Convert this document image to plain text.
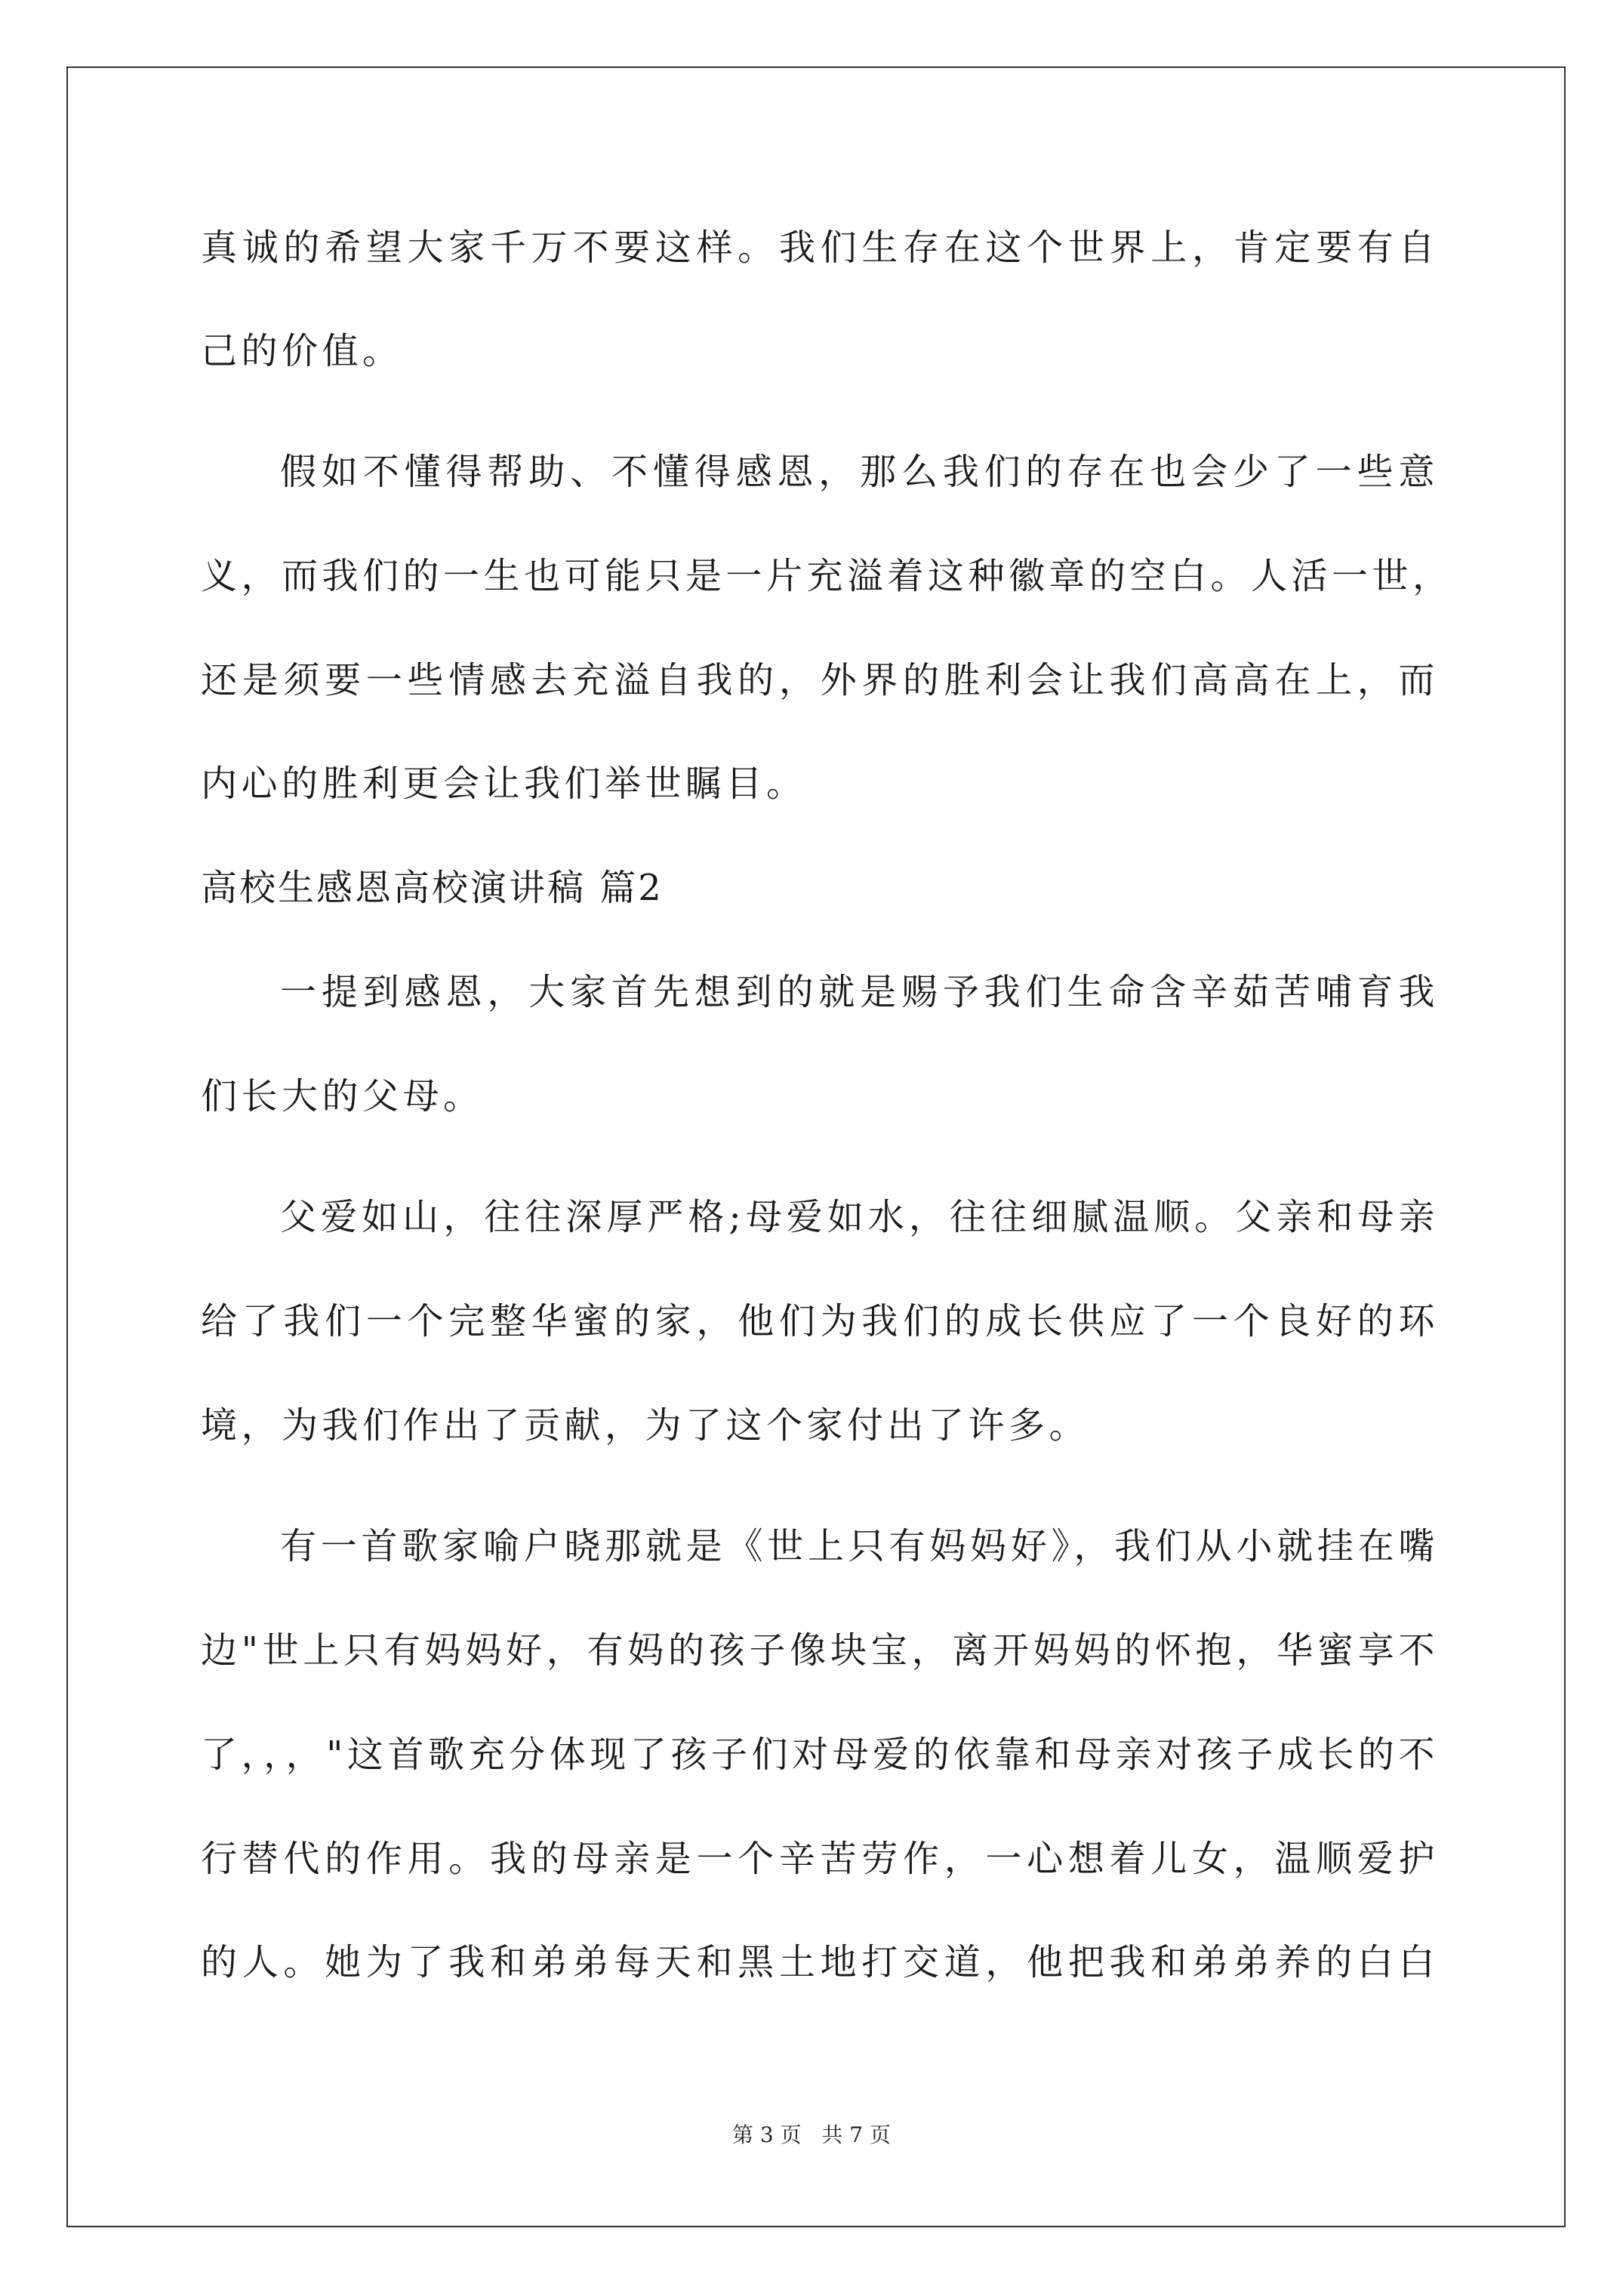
真诚的希望大家千万不要这样。我们生存在这个世界上，肯定要有自
己的价值。
假如不懂得帮助、不懂得感恩，那么我们的存在也会少了一些意
义，而我们的一生也可能只是一片充溢着这种徽章的空白。人活一世，
还是须要一些情感去充溢自我的，外界的胜利会让我们高高在上，而
内心的胜利更会让我们举世瞩目。
高校生感恩高校演讲稿 篇2
一提到感恩，大家首先想到的就是赐予我们生命含辛茹苦哺育我
们长大的父母。
父爱如山，往往深厚严格;母爱如水，往往细腻温顺。父亲和母亲
给了我们一个完整华蜜的家，他们为我们的成长供应了一个良好的环
境，为我们作出了贡献，为了这个家付出了许多。
有一首歌家喻户晓那就是《世上只有妈妈好》，我们从小就挂在嘴
边"世上只有妈妈好，有妈的孩子像块宝，离开妈妈的怀抱，华蜜享不
了，，，"这首歌充分体现了孩子们对母爱的依靠和母亲对孩子成长的不
行替代的作用。我的母亲是一个辛苦劳作，一心想着儿女，温顺爱护
的人。她为了我和弟弟每天和黑土地打交道，他把我和弟弟养的白白
第 3 页   共 7 页
